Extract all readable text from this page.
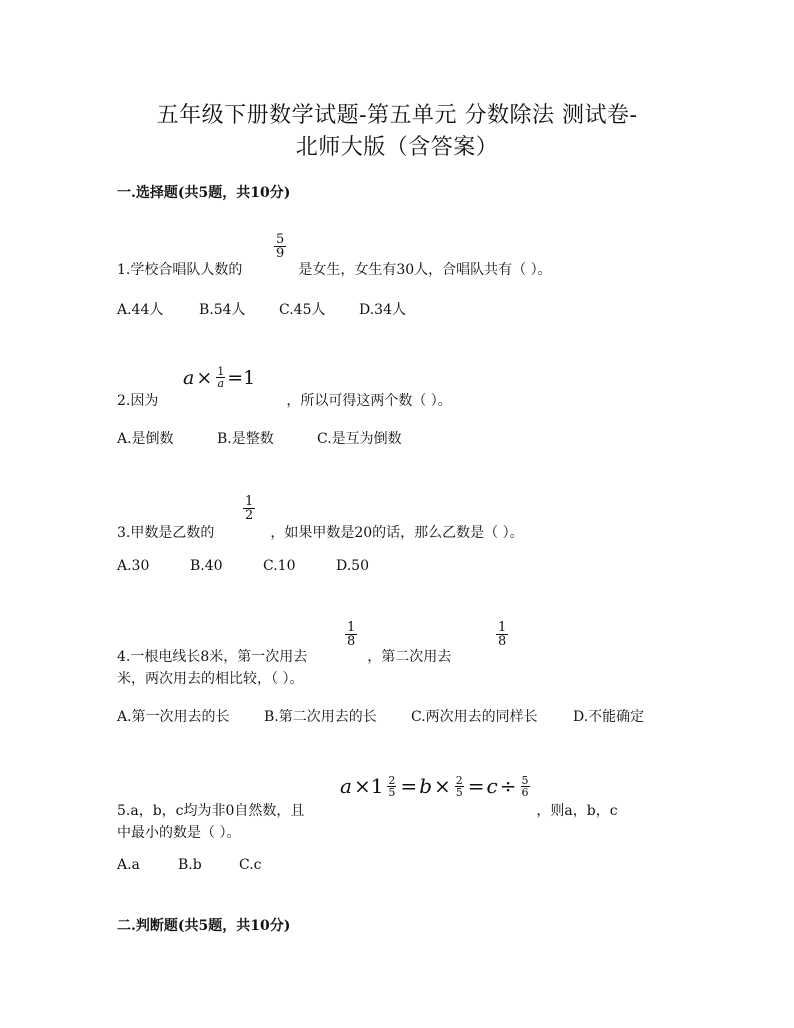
五年级下册数学试题-第五单元 分数除法 测试卷-
北师大版（含答案）
一.选择题(共5题，共10分)
$\frac{5}{9}$
1.学校合唱队人数的	是女生，女生有30人，合唱队共有（ ）。
A.44人	B.54人 C.45人 D.34人
$a \times \frac{1}{a} =1$
2.因为	，所以可得这两个数（ ）。
A.是倒数	B.是整数	C.是互为倒数
$\frac{1}{2}$
3.甲数是乙数的	，如果甲数是20的话，那么乙数是（ ）。
A.30	B.40	C.10	D.50
$\frac{1}{8}$	$\frac{1}{8}$
4.一根电线长8米，第一次用去	，第二次用去
米，两次用去的相比较，（ ）。
A.第一次用去的长 B.第二次用去的长 C.两次用去的同样长	D.不能确定
$a \times 1 \frac{2}{5} = b \times \frac{2}{5} = c \div \frac{5}{6}$
5.a，b，c均为非0自然数，且	，则a，b，c
中最小的数是（ ）。
A.a	B.b	C.c
二.判断题(共5题，共10分)
